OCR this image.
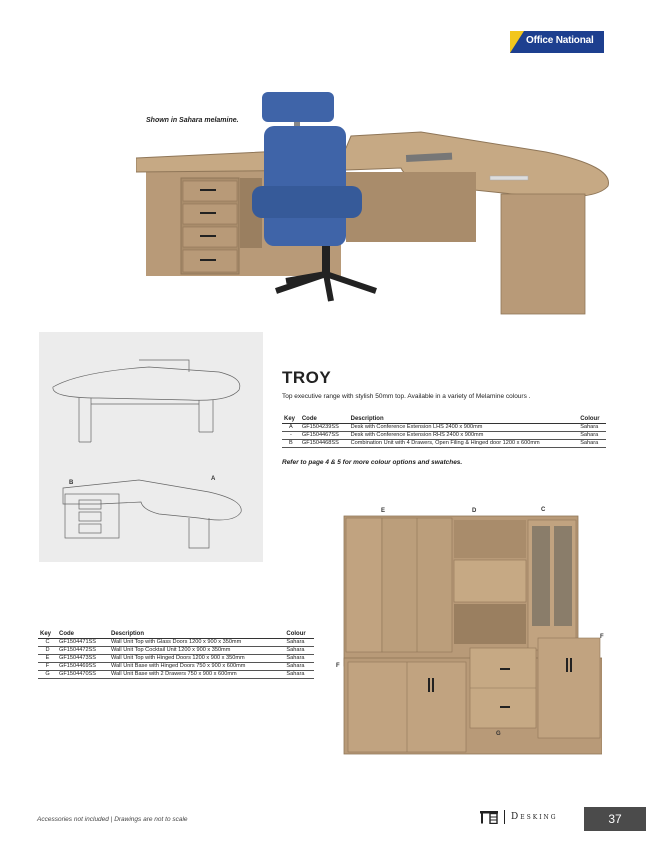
Office National
Shown in Sahara melamine.
B
A
TROY
Top executive range with stylish 50mm top. Available in a variety of Melamine colours .
Key	Code	Description	Colour
A	GF1504239SS	Desk with Conference Extension LHS 2400 x 900mm	Sahara
-	GF1504467SS	Desk with Conference Extension RHS 2400 x 900mm	Sahara
B	GF1504468SS	Combination Unit with 4 Drawers, Open Filing & Hinged door 1200 x 600mm	Sahara
Refer to page 4 & 5 for more colour options and swatches.
E	D	C
F
F
G
Key	Code	Description	Colour
C	GF1504471SS	Wall Unit Top with Glass Doors 1200 x 900 x 350mm	Sahara
D	GF1504472SS	Wall Unit Top Cocktail Unit 1200 x 900 x 350mm	Sahara
E	GF1504473SS	Wall Unit Top with Hinged Doors 1200 x 900 x 350mm	Sahara
F	GF1504469SS	Wall Unit Base with Hinged Doors 750 x 900 x 600mm	Sahara
G	GF1504470SS	Wall Unit Base with 2 Drawers 750 x 900 x 600mm	Sahara
Accessories not included | Drawings are not to scale	Desking	37
